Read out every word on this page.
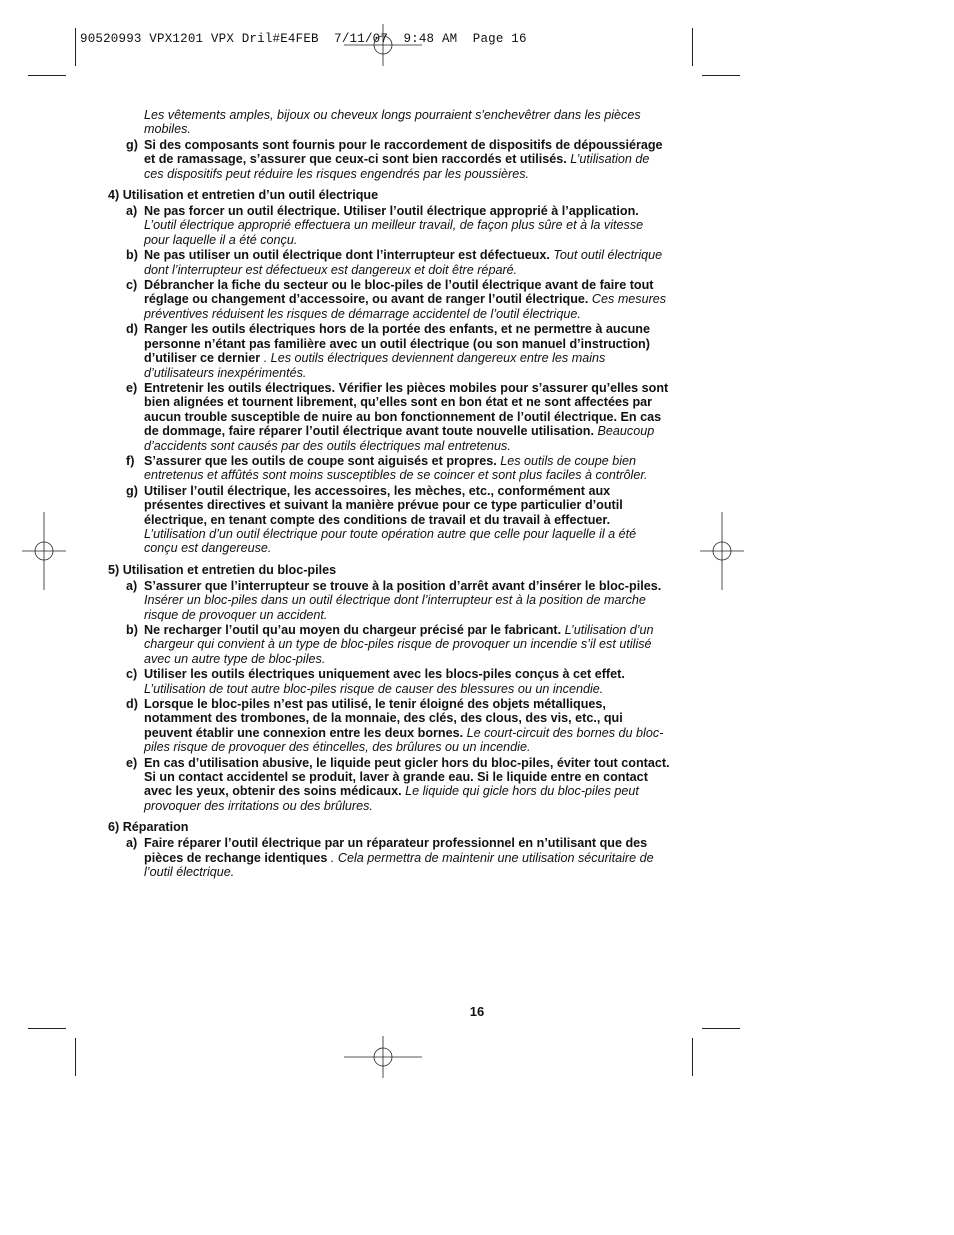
90520993 VPX1201 VPX Dril#E4FEB  7/11/07  9:48 AM  Page 16
Les vêtements amples, bijoux ou cheveux longs pourraient s'enchevêtrer dans les pièces mobiles.
g) Si des composants sont fournis pour le raccordement de dispositifs de dépoussiérage et de ramassage, s’assurer que ceux-ci sont bien raccordés et utilisés. L’utilisation de ces dispositifs peut réduire les risques engendrés par les poussières.
4) Utilisation et entretien d’un outil électrique
a) Ne pas forcer un outil électrique. Utiliser l’outil électrique approprié à l’application. L’outil électrique approprié effectuera un meilleur travail, de façon plus sûre et à la vitesse pour laquelle il a été conçu.
b) Ne pas utiliser un outil électrique dont l’interrupteur est défectueux. Tout outil électrique dont l’interrupteur est défectueux est dangereux et doit être réparé.
c) Débrancher la fiche du secteur ou le bloc-piles de l’outil électrique avant de faire tout réglage ou changement d’accessoire, ou avant de ranger l’outil électrique. Ces mesures préventives réduisent les risques de démarrage accidentel de l’outil électrique.
d) Ranger les outils électriques hors de la portée des enfants, et ne permettre à aucune personne n’étant pas familière avec un outil électrique (ou son manuel d’instruction) d’utiliser ce dernier . Les outils électriques deviennent dangereux entre les mains d’utilisateurs inexpérimentés.
e) Entretenir les outils électriques. Vérifier les pièces mobiles pour s’assurer qu’elles sont bien alignées et tournent librement, qu’elles sont en bon état et ne sont affectées par aucun trouble susceptible de nuire au bon fonctionnement de l’outil électrique. En cas de dommage, faire réparer l’outil électrique avant toute nouvelle utilisation. Beaucoup d’accidents sont causés par des outils électriques mal entretenus.
f) S’assurer que les outils de coupe sont aiguisés et propres. Les outils de coupe bien entretenus et affûtés sont moins susceptibles de se coincer et sont plus faciles à contrôler.
g) Utiliser l’outil électrique, les accessoires, les mèches, etc., conformément aux présentes directives et suivant la manière prévue pour ce type particulier d’outil électrique, en tenant compte des conditions de travail et du travail à effectuer. L’utilisation d’un outil électrique pour toute opération autre que celle pour laquelle il a été conçu est dangereuse.
5) Utilisation et entretien du bloc-piles
a) S’assurer que l’interrupteur se trouve à la position d’arrêt avant d’insérer le bloc-piles. Insérer un bloc-piles dans un outil électrique dont l’interrupteur est à la position de marche risque de provoquer un accident.
b) Ne recharger l’outil qu’au moyen du chargeur précisé par le fabricant. L’utilisation d’un chargeur qui convient à un type de bloc-piles risque de provoquer un incendie s’il est utilisé avec un autre type de bloc-piles.
c) Utiliser les outils électriques uniquement avec les blocs-piles conçus à cet effet. L’utilisation de tout autre bloc-piles risque de causer des blessures ou un incendie.
d) Lorsque le bloc-piles n’est pas utilisé, le tenir éloigné des objets métalliques, notamment des trombones, de la monnaie, des clés, des clous, des vis, etc., qui peuvent établir une connexion entre les deux bornes. Le court-circuit des bornes du bloc-piles risque de provoquer des étincelles, des brûlures ou un incendie.
e) En cas d’utilisation abusive, le liquide peut gicler hors du bloc-piles, éviter tout contact. Si un contact accidentel se produit, laver à grande eau. Si le liquide entre en contact avec les yeux, obtenir des soins médicaux. Le liquide qui gicle hors du bloc-piles peut provoquer des irritations ou des brûlures.
6) Réparation
a) Faire réparer l’outil électrique par un réparateur professionnel en n’utilisant que des pièces de rechange identiques . Cela permettra de maintenir une utilisation sécuritaire de l’outil électrique.
16
